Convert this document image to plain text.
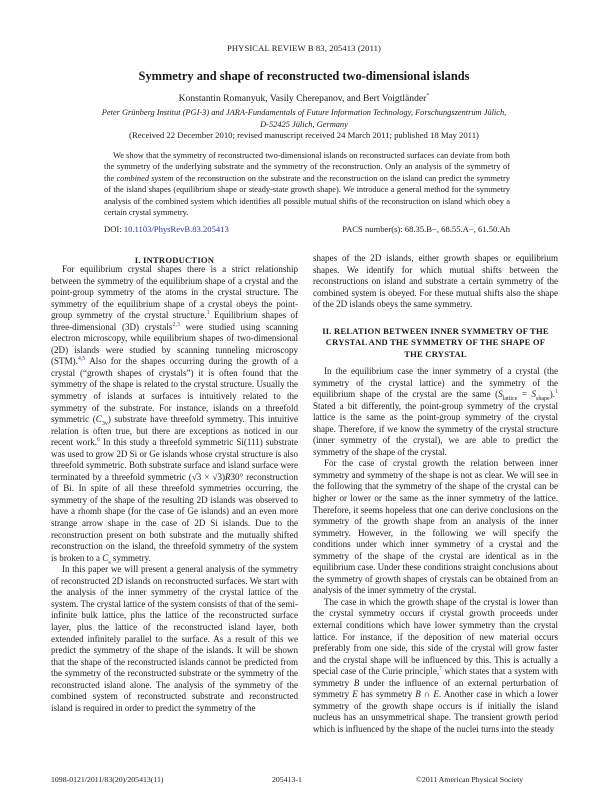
PHYSICAL REVIEW B 83, 205413 (2011)
Symmetry and shape of reconstructed two-dimensional islands
Konstantin Romanyuk, Vasily Cherepanov, and Bert Voigtländer*
Peter Grünberg Institut (PGI-3) and JARA-Fundamentals of Future Information Technology, Forschungszentrum Jülich,
D-52425 Jülich, Germany
(Received 22 December 2010; revised manuscript received 24 March 2011; published 18 May 2011)
We show that the symmetry of reconstructed two-dimensional islands on reconstructed surfaces can deviate from both the symmetry of the underlying substrate and the symmetry of the reconstruction. Only an analysis of the symmetry of the combined system of the reconstruction on the substrate and the reconstruction on the island can predict the symmetry of the island shapes (equilibrium shape or steady-state growth shape). We introduce a general method for the symmetry analysis of the combined system which identifies all possible mutual shifts of the reconstruction on island which obey a certain crystal symmetry.
DOI: 10.1103/PhysRevB.83.205413	PACS number(s): 68.35.B−, 68.55.A−, 61.50.Ah
I. INTRODUCTION

For equilibrium crystal shapes there is a strict relationship between the symmetry of the equilibrium shape of a crystal and the point-group symmetry of the atoms in the crystal structure. The symmetry of the equilibrium shape of a crystal obeys the point-group symmetry of the crystal structure.$^1$ Equilibrium shapes of three-dimensional (3D) crystals$^{2,3}$ were studied using scanning electron microscopy, while equilibrium shapes of two-dimensional (2D) islands were studied by scanning tunneling microscopy (STM).$^{4,5}$ Also for the shapes occurring during the growth of a crystal (“growth shapes of crystals”) it is often found that the symmetry of the shape is related to the crystal structure. Usually the symmetry of islands at surfaces is intuitively related to the symmetry of the substrate. For instance, islands on a threefold symmetric $(C_{3v})$ substrate have threefold symmetry. This intuitive relation is often true, but there are exceptions as noticed in our recent work.$^6$ In this study a threefold symmetric Si(111) substrate was used to grow 2D Si or Ge islands whose crystal structure is also threefold symmetric. Both substrate surface and island surface were terminated by a threefold symmetric (√3 × √3)R30° reconstruction of Bi. In spite of all these threefold symmetries occurring, the symmetry of the shape of the resulting 2D islands was observed to have a rhomb shape (for the case of Ge islands) and an even more strange arrow shape in the case of 2D Si islands. Due to the reconstruction present on both substrate and the mutually shifted reconstruction on the island, the threefold symmetry of the system is broken to a $C_s$ symmetry.

In this paper we will present a general analysis of the symmetry of reconstructed 2D islands on reconstructed surfaces. We start with the analysis of the inner symmetry of the crystal lattice of the system. The crystal lattice of the system consists of that of the semi-infinite bulk lattice, plus the lattice of the reconstructed surface layer, plus the lattice of the reconstructed island layer, both extended infinitely parallel to the surface. As a result of this we predict the symmetry of the shape of the islands. It will be shown that the shape of the reconstructed islands cannot be predicted from the symmetry of the reconstructed substrate or the symmetry of the reconstructed island alone. The analysis of the symmetry of the combined system of reconstructed substrate and reconstructed island is required in order to predict the symmetry of the

shapes of the 2D islands, either growth shapes or equilibrium shapes. We identify for which mutual shifts between the reconstructions on island and substrate a certain symmetry of the combined system is obeyed. For these mutual shifts also the shape of the 2D islands obeys the same symmetry.

II. RELATION BETWEEN INNER SYMMETRY OF THE
CRYSTAL AND THE SYMMETRY OF THE SHAPE OF
THE CRYSTAL

In the equilibrium case the inner symmetry of a crystal (the symmetry of the crystal lattice) and the symmetry of the equilibrium shape of the crystal are the same $(S_{lattice} = S_{shape}).^1$ Stated a bit differently, the point-group symmetry of the crystal lattice is the same as the point-group symmetry of the crystal shape. Therefore, if we know the symmetry of the crystal structure (inner symmetry of the crystal), we are able to predict the symmetry of the shape of the crystal.

For the case of crystal growth the relation between inner symmetry and symmetry of the shape is not as clear. We will see in the following that the symmetry of the shape of the crystal can be higher or lower or the same as the inner symmetry of the lattice. Therefore, it seems hopeless that one can derive conclusions on the symmetry of the growth shape from an analysis of the inner symmetry. However, in the following we will specify the conditions under which inner symmetry of a crystal and the symmetry of the shape of the crystal are identical as in the equilibrium case. Under these conditions straight conclusions about the symmetry of growth shapes of crystals can be obtained from an analysis of the inner symmetry of the crystal.

The case in which the growth shape of the crystal is lower than the crystal symmetry occurs if crystal growth proceeds under external conditions which have lower symmetry than the crystal lattice. For instance, if the deposition of new material occurs preferably from one side, this side of the crystal will grow faster and the crystal shape will be influenced by this. This is actually a special case of the Curie principle,$^7$ which states that a system with symmetry B under the influence of an external perturbation of symmetry E has symmetry B ∩ E. Another case in which a lower symmetry of the growth shape occurs is if initially the island nucleus has an unsymmetrical shape. The transient growth period which is influenced by the shape of the nuclei turns into the steady

1098-0121/2011/83(20)/205413(11)	205413-1	©2011 American Physical Society
